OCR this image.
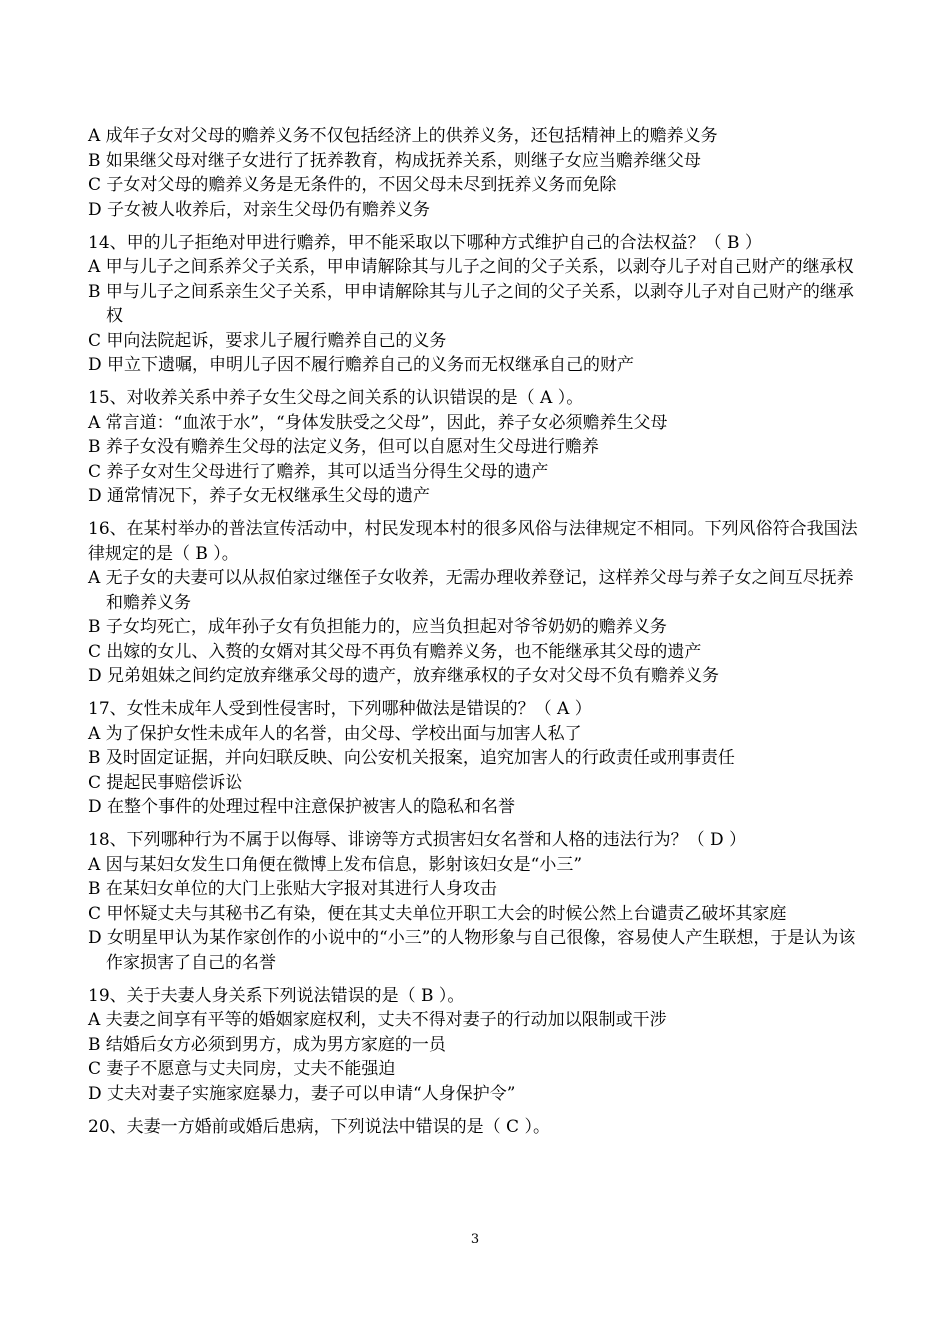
A 成年子女对父母的赡养义务不仅包括经济上的供养义务，还包括精神上的赡养义务
B 如果继父母对继子女进行了抚养教育，构成抚养关系，则继子女应当赡养继父母
C 子女对父母的赡养义务是无条件的，不因父母未尽到抚养义务而免除
D 子女被人收养后，对亲生父母仍有赡养义务
14、甲的儿子拒绝对甲进行赡养，甲不能采取以下哪种方式维护自己的合法权益？（ B ）
A 甲与儿子之间系养父子关系，甲申请解除其与儿子之间的父子关系，以剥夺儿子对自己财产的继承权
B 甲与儿子之间系亲生父子关系，甲申请解除其与儿子之间的父子关系，以剥夺儿子对自己财产的继承权
C 甲向法院起诉，要求儿子履行赡养自己的义务
D 甲立下遗嘱，申明儿子因不履行赡养自己的义务而无权继承自己的财产
15、对收养关系中养子女生父母之间关系的认识错误的是（ A ）。
A 常言道：“血浓于水”，“身体发肤受之父母”，因此，养子女必须赡养生父母
B 养子女没有赡养生父母的法定义务，但可以自愿对生父母进行赡养
C 养子女对生父母进行了赡养，其可以适当分得生父母的遗产
D 通常情况下，养子女无权继承生父母的遗产
16、在某村举办的普法宣传活动中，村民发现本村的很多风俗与法律规定不相同。下列风俗符合我国法律规定的是（ B ）。
A 无子女的夫妻可以从叔伯家过继侄子女收养，无需办理收养登记，这样养父母与养子女之间互尽抚养和赡养义务
B 子女均死亡，成年孙子女有负担能力的，应当负担起对爷爷奶奶的赡养义务
C 出嫁的女儿、入赘的女婿对其父母不再负有赡养义务，也不能继承其父母的遗产
D 兄弟姐妹之间约定放弃继承父母的遗产，放弃继承权的子女对父母不负有赡养义务
17、女性未成年人受到性侵害时，下列哪种做法是错误的？（ A ）
A 为了保护女性未成年人的名誉，由父母、学校出面与加害人私了
B 及时固定证据，并向妇联反映、向公安机关报案，追究加害人的行政责任或刑事责任
C 提起民事赔偿诉讼
D 在整个事件的处理过程中注意保护被害人的隐私和名誉
18、下列哪种行为不属于以侮辱、诽谤等方式损害妇女名誉和人格的违法行为？（ D ）
A 因与某妇女发生口角便在微博上发布信息，影射该妇女是“小三”
B 在某妇女单位的大门上张贴大字报对其进行人身攻击
C 甲怀疑丈夫与其秘书乙有染，便在其丈夫单位开职工大会的时候公然上台谴责乙破坏其家庭
D 女明星甲认为某作家创作的小说中的“小三”的人物形象与自己很像，容易使人产生联想，于是认为该作家损害了自己的名誉
19、关于夫妻人身关系下列说法错误的是（ B ）。
A 夫妻之间享有平等的婚姻家庭权利，丈夫不得对妻子的行动加以限制或干涉
B 结婚后女方必须到男方，成为男方家庭的一员
C 妻子不愿意与丈夫同房，丈夫不能强迫
D 丈夫对妻子实施家庭暴力，妻子可以申请“人身保护令”
20、夫妻一方婚前或婚后患病，下列说法中错误的是（ C ）。
3
